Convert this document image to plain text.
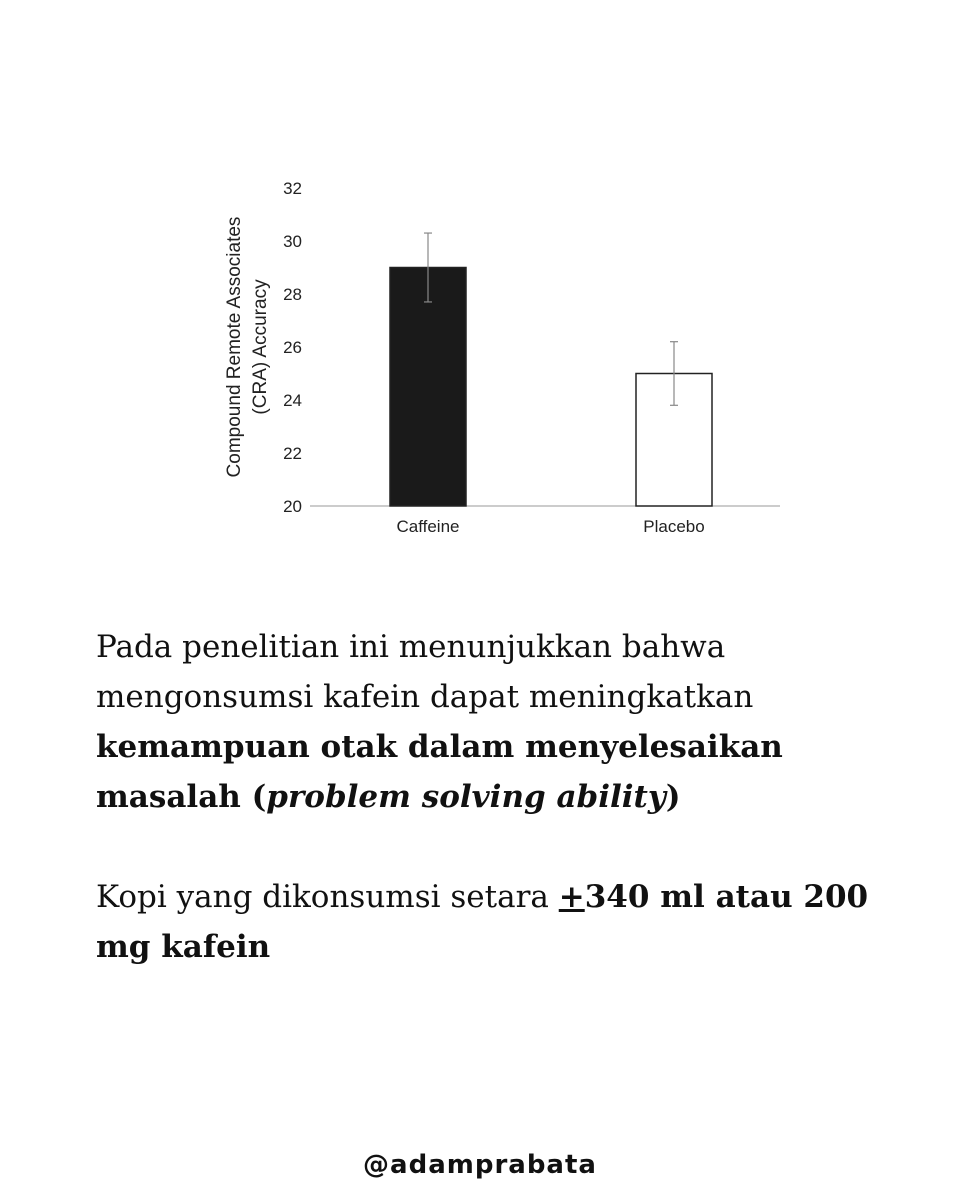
20
22
24
26
28
30
32
Caffeine	Placebo
Compound Remote Associates (CRA) Accuracy

Pada penelitian ini menunjukkan bahwa mengonsumsi kafein dapat meningkatkan kemampuan otak dalam menyelesaikan masalah (problem solving ability)

Kopi yang dikonsumsi setara +340 ml atau 200 mg kafein

@adamprabata
